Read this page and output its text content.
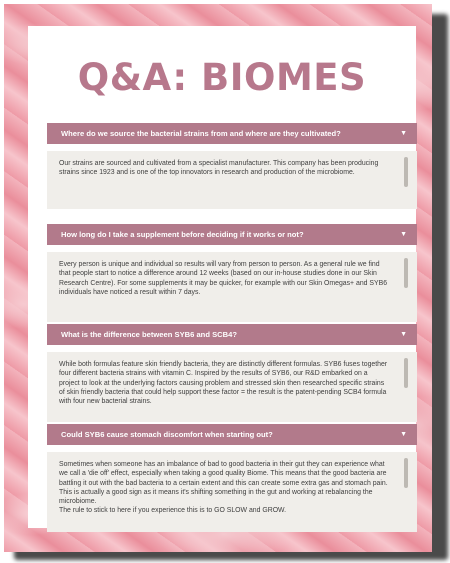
Q&A: BIOMES
Where do we source the bacterial strains from and where are they cultivated?	▼
Our strains are sourced and cultivated from a specialist manufacturer. This company has been producing strains since 1923 and is one of the top innovators in research and production of the microbiome.
How long do I take a supplement before deciding if it works or not?	▼
Every person is unique and individual so results will vary from person to person. As a general rule we find that people start to notice a difference around 12 weeks (based on our in-house studies done in our Skin Research Centre). For some supplements it may be quicker, for example with our Skin Omegas+ and SYB6 individuals have noticed a result within 7 days.
What is the difference between SYB6 and SCB4?	▼
While both formulas feature skin friendly bacteria, they are distinctly different formulas. SYB6 fuses together four different bacteria strains with vitamin C. Inspired by the results of SYB6, our R&D embarked on a project to look at the underlying factors causing problem and stressed skin then researched specific strains of skin friendly bacteria that could help support these factor = the result is the patent-pending SCB4 formula with four new bacterial strains.
Could SYB6 cause stomach discomfort when starting out?	▼
Sometimes when someone has an imbalance of bad to good bacteria in their gut they can experience what we call a 'die off' effect, especially when taking a good quality Biome. This means that the good bacteria are battling it out with the bad bacteria to a certain extent and this can create some extra gas and stomach pain. This is actually a good sign as it means it's shifting something in the gut and working at rebalancing the microbiome.
The rule to stick to here if you experience this is to GO SLOW and GROW.
